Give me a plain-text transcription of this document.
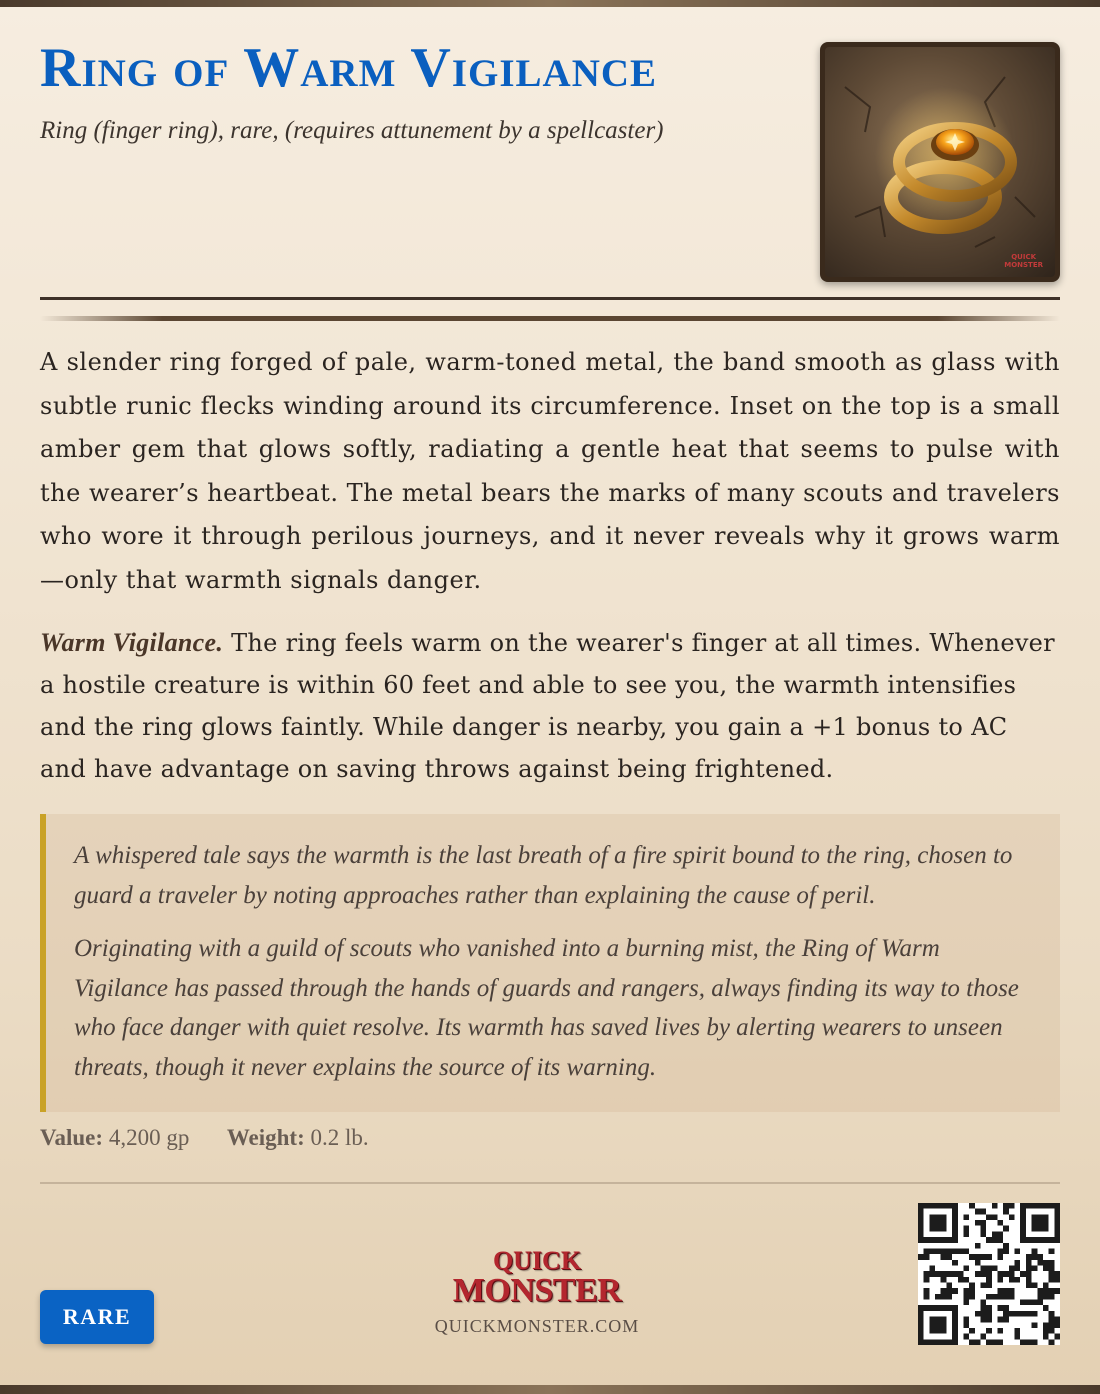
Ring of Warm Vigilance
Ring (finger ring), rare, (requires attunement by a spellcaster)
QUICK
MONSTER

A slender ring forged of pale, warm-toned metal, the band smooth as glass with subtle runic flecks winding around its circumference. Inset on the top is a small amber gem that glows softly, radiating a gentle heat that seems to pulse with the wearer’s heartbeat. The metal bears the marks of many scouts and travelers who wore it through perilous journeys, and it never reveals why it grows warm—only that warmth signals danger.

Warm Vigilance. The ring feels warm on the wearer's finger at all times. Whenever a hostile creature is within 60 feet and able to see you, the warmth intensifies and the ring glows faintly. While danger is nearby, you gain a +1 bonus to AC and have advantage on saving throws against being frightened.

A whispered tale says the warmth is the last breath of a fire spirit bound to the ring, chosen to guard a traveler by noting approaches rather than explaining the cause of peril.

Originating with a guild of scouts who vanished into a burning mist, the Ring of Warm Vigilance has passed through the hands of guards and rangers, always finding its way to those who face danger with quiet resolve. Its warmth has saved lives by alerting wearers to unseen threats, though it never explains the source of its warning.

Value: 4,200 gp Weight: 0.2 lb.
RARE
QUICK
MONSTER
QUICKMONSTER.COM
